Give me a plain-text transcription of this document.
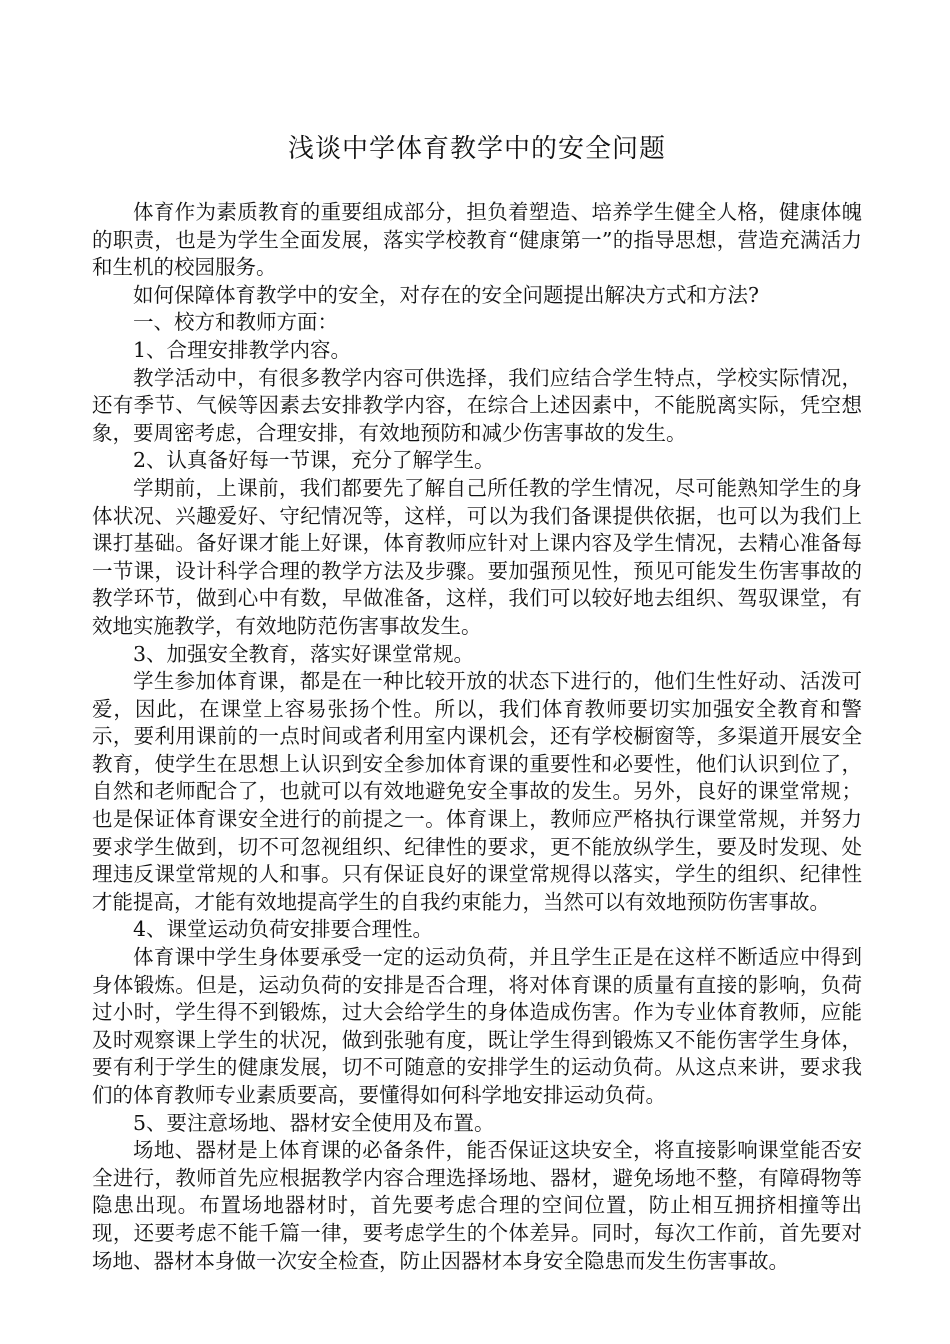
浅谈中学体育教学中的安全问题

体育作为素质教育的重要组成部分，担负着塑造、培养学生健全人格，健康体魄的职责，也是为学生全面发展，落实学校教育“健康第一”的指导思想，营造充满活力和生机的校园服务。

如何保障体育教学中的安全，对存在的安全问题提出解决方式和方法?

一、校方和教师方面：

1、合理安排教学内容。

教学活动中，有很多教学内容可供选择，我们应结合学生特点，学校实际情况，还有季节、气候等因素去安排教学内容，在综合上述因素中，不能脱离实际，凭空想象，要周密考虑，合理安排，有效地预防和减少伤害事故的发生。

2、认真备好每一节课，充分了解学生。

学期前，上课前，我们都要先了解自己所任教的学生情况，尽可能熟知学生的身体状况、兴趣爱好、守纪情况等，这样，可以为我们备课提供依据，也可以为我们上课打基础。备好课才能上好课，体育教师应针对上课内容及学生情况，去精心准备每一节课，设计科学合理的教学方法及步骤。要加强预见性，预见可能发生伤害事故的教学环节，做到心中有数，早做准备，这样，我们可以较好地去组织、驾驭课堂，有效地实施教学，有效地防范伤害事故发生。

3、加强安全教育，落实好课堂常规。

学生参加体育课，都是在一种比较开放的状态下进行的，他们生性好动、活泼可爱，因此，在课堂上容易张扬个性。所以，我们体育教师要切实加强安全教育和警示，要利用课前的一点时间或者利用室内课机会，还有学校橱窗等，多渠道开展安全教育，使学生在思想上认识到安全参加体育课的重要性和必要性，他们认识到位了，自然和老师配合了，也就可以有效地避免安全事故的发生。另外，良好的课堂常规；也是保证体育课安全进行的前提之一。体育课上，教师应严格执行课堂常规，并努力要求学生做到，切不可忽视组织、纪律性的要求，更不能放纵学生，要及时发现、处理违反课堂常规的人和事。只有保证良好的课堂常规得以落实，学生的组织、纪律性才能提高，才能有效地提高学生的自我约束能力，当然可以有效地预防伤害事故。

4、课堂运动负荷安排要合理性。

体育课中学生身体要承受一定的运动负荷，并且学生正是在这样不断适应中得到身体锻炼。但是，运动负荷的安排是否合理，将对体育课的质量有直接的影响，负荷过小时，学生得不到锻炼，过大会给学生的身体造成伤害。作为专业体育教师，应能及时观察课上学生的状况，做到张驰有度，既让学生得到锻炼又不能伤害学生身体，要有利于学生的健康发展，切不可随意的安排学生的运动负荷。从这点来讲，要求我们的体育教师专业素质要高，要懂得如何科学地安排运动负荷。

5、要注意场地、器材安全使用及布置。

场地、器材是上体育课的必备条件，能否保证这块安全，将直接影响课堂能否安全进行，教师首先应根据教学内容合理选择场地、器材，避免场地不整，有障碍物等隐患出现。布置场地器材时，首先要考虑合理的空间位置，防止相互拥挤相撞等出现，还要考虑不能千篇一律，要考虑学生的个体差异。同时，每次工作前，首先要对场地、器材本身做一次安全检查，防止因器材本身安全隐患而发生伤害事故。
